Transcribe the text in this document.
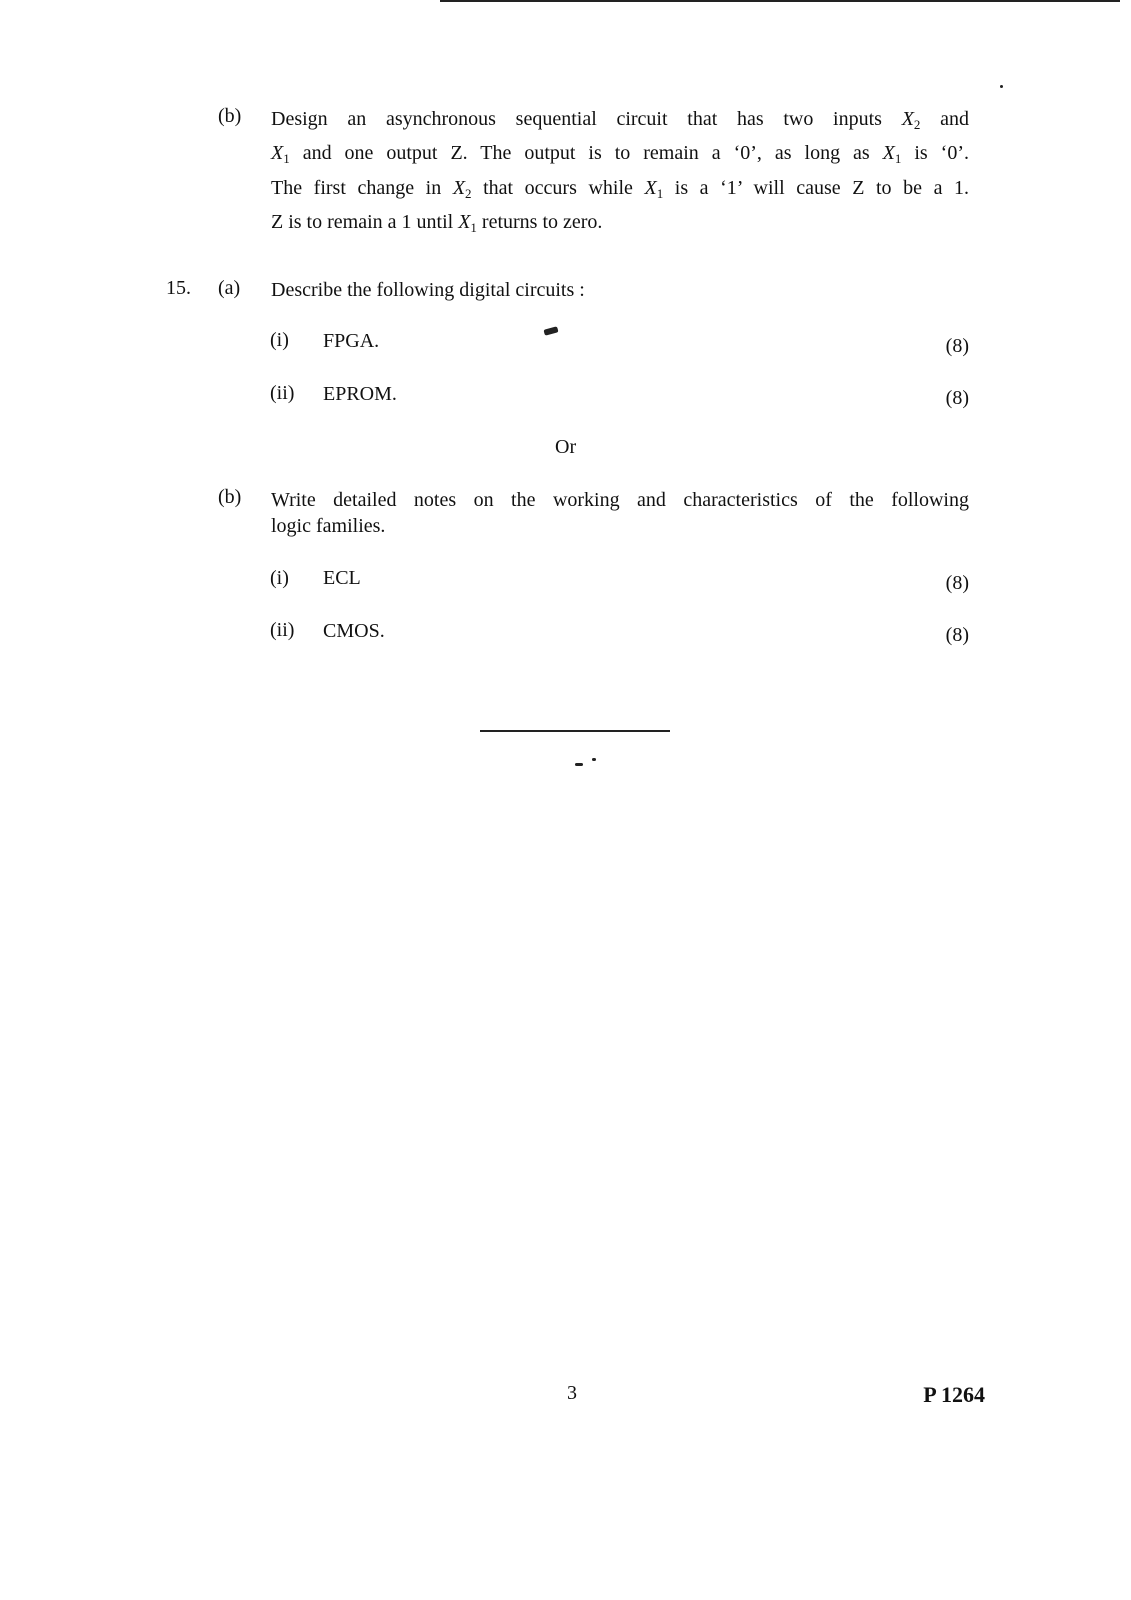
(b) Design an asynchronous sequential circuit that has two inputs $X_2$ and
$X_1$ and one output Z. The output is to remain a ‘0’, as long as $X_1$ is ‘0’.
The first change in $X_2$ that occurs while $X_1$ is a ‘1’ will cause Z to be a 1.
Z is to remain a 1 until $X_1$ returns to zero.
15. (a) Describe the following digital circuits :
(i) FPGA.	(8)
(ii) EPROM.	(8)
Or
(b) Write detailed notes on the working and characteristics of the following
logic families.
(i) ECL	(8)
(ii) CMOS.	(8)
3	P 1264
